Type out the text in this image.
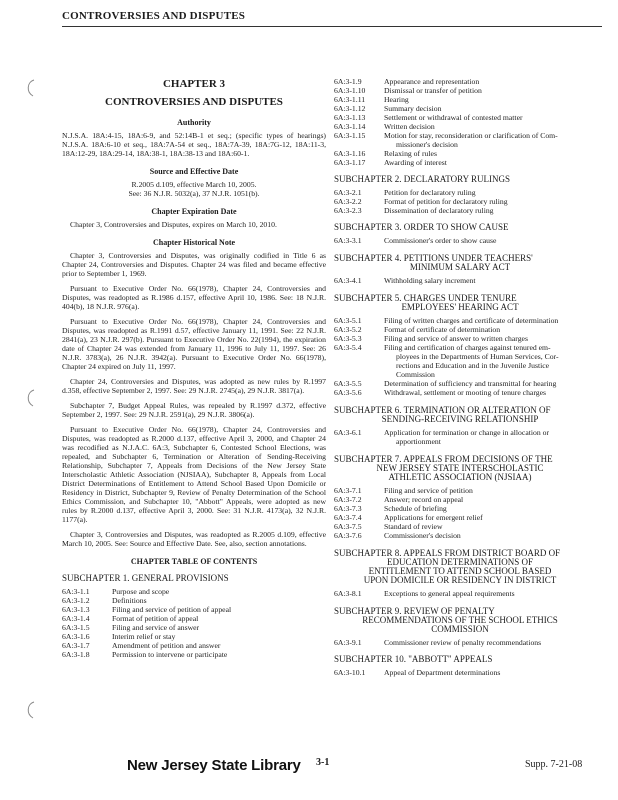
CONTROVERSIES AND DISPUTES
CHAPTER 3
CONTROVERSIES AND DISPUTES
Authority

N.J.S.A. 18A:4-15, 18A:6-9, and 52:14B-1 et seq.; (specific types of hearings) N.J.S.A. 18A:6-10 et seq., 18A:7A-54 et seq., 18A:7A-39, 18A:7G-12, 18A:11-3, 18A:12-29, 18A:29-14, 18A:38-1, 18A:38-13 and 18A:60-1.

Source and Effective Date
R.2005 d.109, effective March 10, 2005.
See: 36 N.J.R. 5032(a), 37 N.J.R. 1051(b).
Chapter Expiration Date

Chapter 3, Controversies and Disputes, expires on March 10, 2010.

Chapter Historical Note

Chapter 3, Controversies and Disputes, was originally codified in Title 6 as Chapter 24, Controversies and Disputes. Chapter 24 was filed and became effective prior to September 1, 1969.

Pursuant to Executive Order No. 66(1978), Chapter 24, Controversies and Disputes, was readopted as R.1986 d.157, effective April 10, 1986. See: 18 N.J.R. 404(b), 18 N.J.R. 976(a).

Pursuant to Executive Order No. 66(1978), Chapter 24, Controversies and Disputes, was readopted as R.1991 d.57, effective January 11, 1991. See: 22 N.J.R. 2841(a), 23 N.J.R. 297(b). Pursuant to Executive Order No. 22(1994), the expiration date of Chapter 24 was extended from January 11, 1996 to July 11, 1997. See: 26 N.J.R. 3783(a), 26 N.J.R. 3942(a). Pursuant to Executive Order No. 66(1978), Chapter 24 expired on July 11, 1997.

Chapter 24, Controversies and Disputes, was adopted as new rules by R.1997 d.358, effective September 2, 1997. See: 29 N.J.R. 2745(a), 29 N.J.R. 3817(a).

Subchapter 7, Budget Appeal Rules, was repealed by R.1997 d.372, effective September 2, 1997. See: 29 N.J.R. 2591(a), 29 N.J.R. 3806(a).

Pursuant to Executive Order No. 66(1978), Chapter 24, Controversies and Disputes, was readopted as R.2000 d.137, effective April 3, 2000, and Chapter 24 was recodified as N.J.A.C. 6A:3, Subchapter 6, Contested School Elections, was repealed, and Subchapter 6, Termination or Alteration of Sending-Receiving Relationship, Subchapter 7, Appeals from Decisions of the New Jersey State Interscholastic Athletic Association (NJSIAA), Subchapter 8, Appeals from Local District Determinations of Entitlement to Attend School Based Upon Domicile or Residency in District, Subchapter 9, Review of Penalty Determination of the School Ethics Commission, and Subchapter 10, "Abbott" Appeals, were adopted as new rules by R.2000 d.137, effective April 3, 2000. See: 31 N.J.R. 4173(a), 32 N.J.R. 1177(a).

Chapter 3, Controversies and Disputes, was readopted as R.2005 d.109, effective March 10, 2005. See: Source and Effective Date. See, also, section annotations.

CHAPTER TABLE OF CONTENTS
SUBCHAPTER 1. GENERAL PROVISIONS
6A:3-1.1	Purpose and scope
6A:3-1.2	Definitions
6A:3-1.3	Filing and service of petition of appeal
6A:3-1.4	Format of petition of appeal
6A:3-1.5	Filing and service of answer
6A:3-1.6	Interim relief or stay
6A:3-1.7	Amendment of petition and answer
6A:3-1.8	Permission to intervene or participate
6A:3-1.9	Appearance and representation
6A:3-1.10	Dismissal or transfer of petition
6A:3-1.11	Hearing
6A:3-1.12	Summary decision
6A:3-1.13	Settlement or withdrawal of contested matter
6A:3-1.14	Written decision
6A:3-1.15	Motion for stay, reconsideration or clarification of Com-
missioner's decision
6A:3-1.16	Relaxing of rules
6A:3-1.17	Awarding of interest
SUBCHAPTER 2. DECLARATORY RULINGS
6A:3-2.1	Petition for declaratory ruling
6A:3-2.2	Format of petition for declaratory ruling
6A:3-2.3	Dissemination of declaratory ruling
SUBCHAPTER 3. ORDER TO SHOW CAUSE
6A:3-3.1	Commissioner's order to show cause
SUBCHAPTER 4. PETITIONS UNDER TEACHERS'
MINIMUM SALARY ACT
6A:3-4.1	Withholding salary increment
SUBCHAPTER 5. CHARGES UNDER TENURE
EMPLOYEES' HEARING ACT
6A:3-5.1	Filing of written charges and certificate of determination
6A:3-5.2	Format of certificate of determination
6A:3-5.3	Filing and service of answer to written charges
6A:3-5.4	Filing and certification of charges against tenured em-
ployees in the Departments of Human Services, Cor-
rections and Education and in the Juvenile Justice
Commission
6A:3-5.5	Determination of sufficiency and transmittal for hearing
6A:3-5.6	Withdrawal, settlement or mooting of tenure charges
SUBCHAPTER 6. TERMINATION OR ALTERATION OF
SENDING-RECEIVING RELATIONSHIP
6A:3-6.1	Application for termination or change in allocation or
apportionment
SUBCHAPTER 7. APPEALS FROM DECISIONS OF THE
NEW JERSEY STATE INTERSCHOLASTIC
ATHLETIC ASSOCIATION (NJSIAA)
6A:3-7.1	Filing and service of petition
6A:3-7.2	Answer; record on appeal
6A:3-7.3	Schedule of briefing
6A:3-7.4	Applications for emergent relief
6A:3-7.5	Standard of review
6A:3-7.6	Commissioner's decision
SUBCHAPTER 8. APPEALS FROM DISTRICT BOARD OF
EDUCATION DETERMINATIONS OF
ENTITLEMENT TO ATTEND SCHOOL BASED
UPON DOMICILE OR RESIDENCY IN DISTRICT
6A:3-8.1	Exceptions to general appeal requirements
SUBCHAPTER 9. REVIEW OF PENALTY
RECOMMENDATIONS OF THE SCHOOL ETHICS
COMMISSION
6A:3-9.1	Commissioner review of penalty recommendations
SUBCHAPTER 10. "ABBOTT" APPEALS
6A:3-10.1	Appeal of Department determinations
New Jersey State Library 3-1	Supp. 7-21-08
